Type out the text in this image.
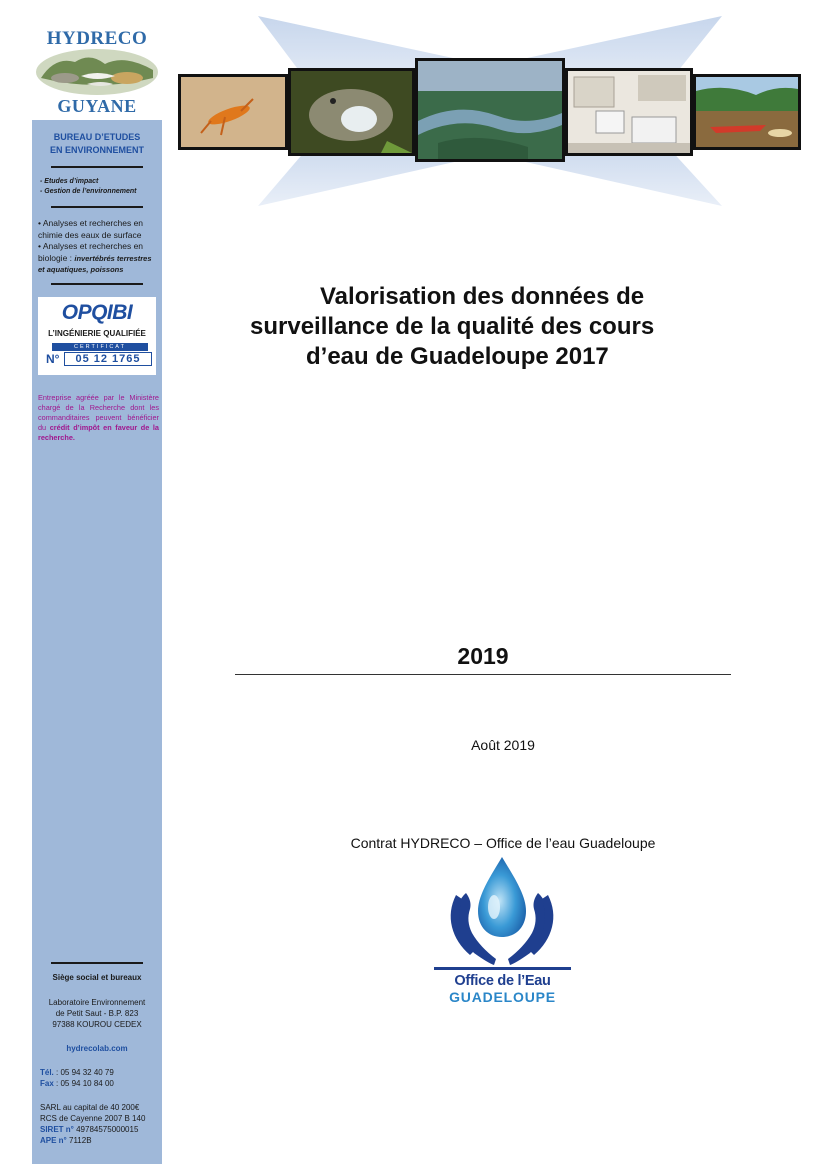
HYDRECO
GUYANE
BUREAU D’ETUDES
EN ENVIRONNEMENT
- Etudes d’impact
- Gestion de l’environnement
• Analyses et recherches en chimie des eaux de surface
• Analyses et recherches en biologie : invertébrés terrestres et aquatiques, poissons
OPQIBI
L’INGÉNIERIE QUALIFIÉE
CERTIFICAT
N°	05 12 1765
Entreprise agréée par le Ministère chargé de la Recherche dont les commanditaires peuvent bénéficier du crédit d’impôt en faveur de la recherche.
Siège social et bureaux
Laboratoire Environnement
de Petit Saut - B.P. 823
97388 KOUROU CEDEX
hydrecolab.com
Tél. : 05 94 32 40 79
Fax : 05 94 10 84 00
SARL au capital de 40 200€
RCS de Cayenne 2007 B 140
SIRET n° 49784575000015
APE n° 7112B
Valorisation des données de
surveillance de la qualité des cours
d’eau de Guadeloupe 2017
2019
Août 2019
Contrat HYDRECO – Office de l’eau Guadeloupe
Office de l’Eau
GUADELOUPE
